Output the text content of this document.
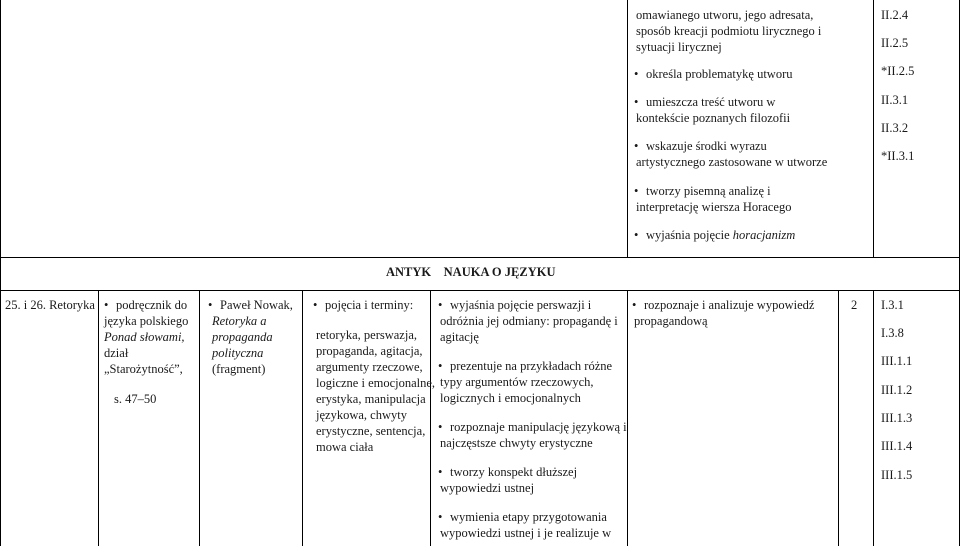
omawianego utworu, jego adresata,
sposób kreacji podmiotu lirycznego i
sytuacji lirycznej
• określa problematykę utworu
• umieszcza treść utworu w
kontekście poznanych filozofii
• wskazuje środki wyrazu
artystycznego zastosowane w utworze
• tworzy pisemną analizę i
interpretację wiersza Horacego
• wyjaśnia pojęcie horacjanizm
II.2.4
II.2.5
*II.2.5
II.3.1
II.3.2
*II.3.1
ANTYK NAUKA O JĘZYKU
25. i 26. Retoryka
• podręcznik do
języka polskiego
Ponad słowami,
dział
„Starożytność”,
s. 47–50
• Paweł Nowak,
Retoryka a
propaganda
polityczna
(fragment)
• pojęcia i terminy:
retoryka, perswazja,
propaganda, agitacja,
argumenty rzeczowe,
logiczne i emocjonalne,
erystyka, manipulacja
językowa, chwyty
erystyczne, sentencja,
mowa ciała
• wyjaśnia pojęcie perswazji i
odróżnia jej odmiany: propagandę i
agitację
• prezentuje na przykładach różne
typy argumentów rzeczowych,
logicznych i emocjonalnych
• rozpoznaje manipulację językową i
najczęstsze chwyty erystyczne
• tworzy konspekt dłuższej
wypowiedzi ustnej
• wymienia etapy przygotowania
wypowiedzi ustnej i je realizuje w
• rozpoznaje i analizuje wypowiedź
propagandową
2 I.3.1
I.3.8
III.1.1
III.1.2
III.1.3
III.1.4
III.1.5
